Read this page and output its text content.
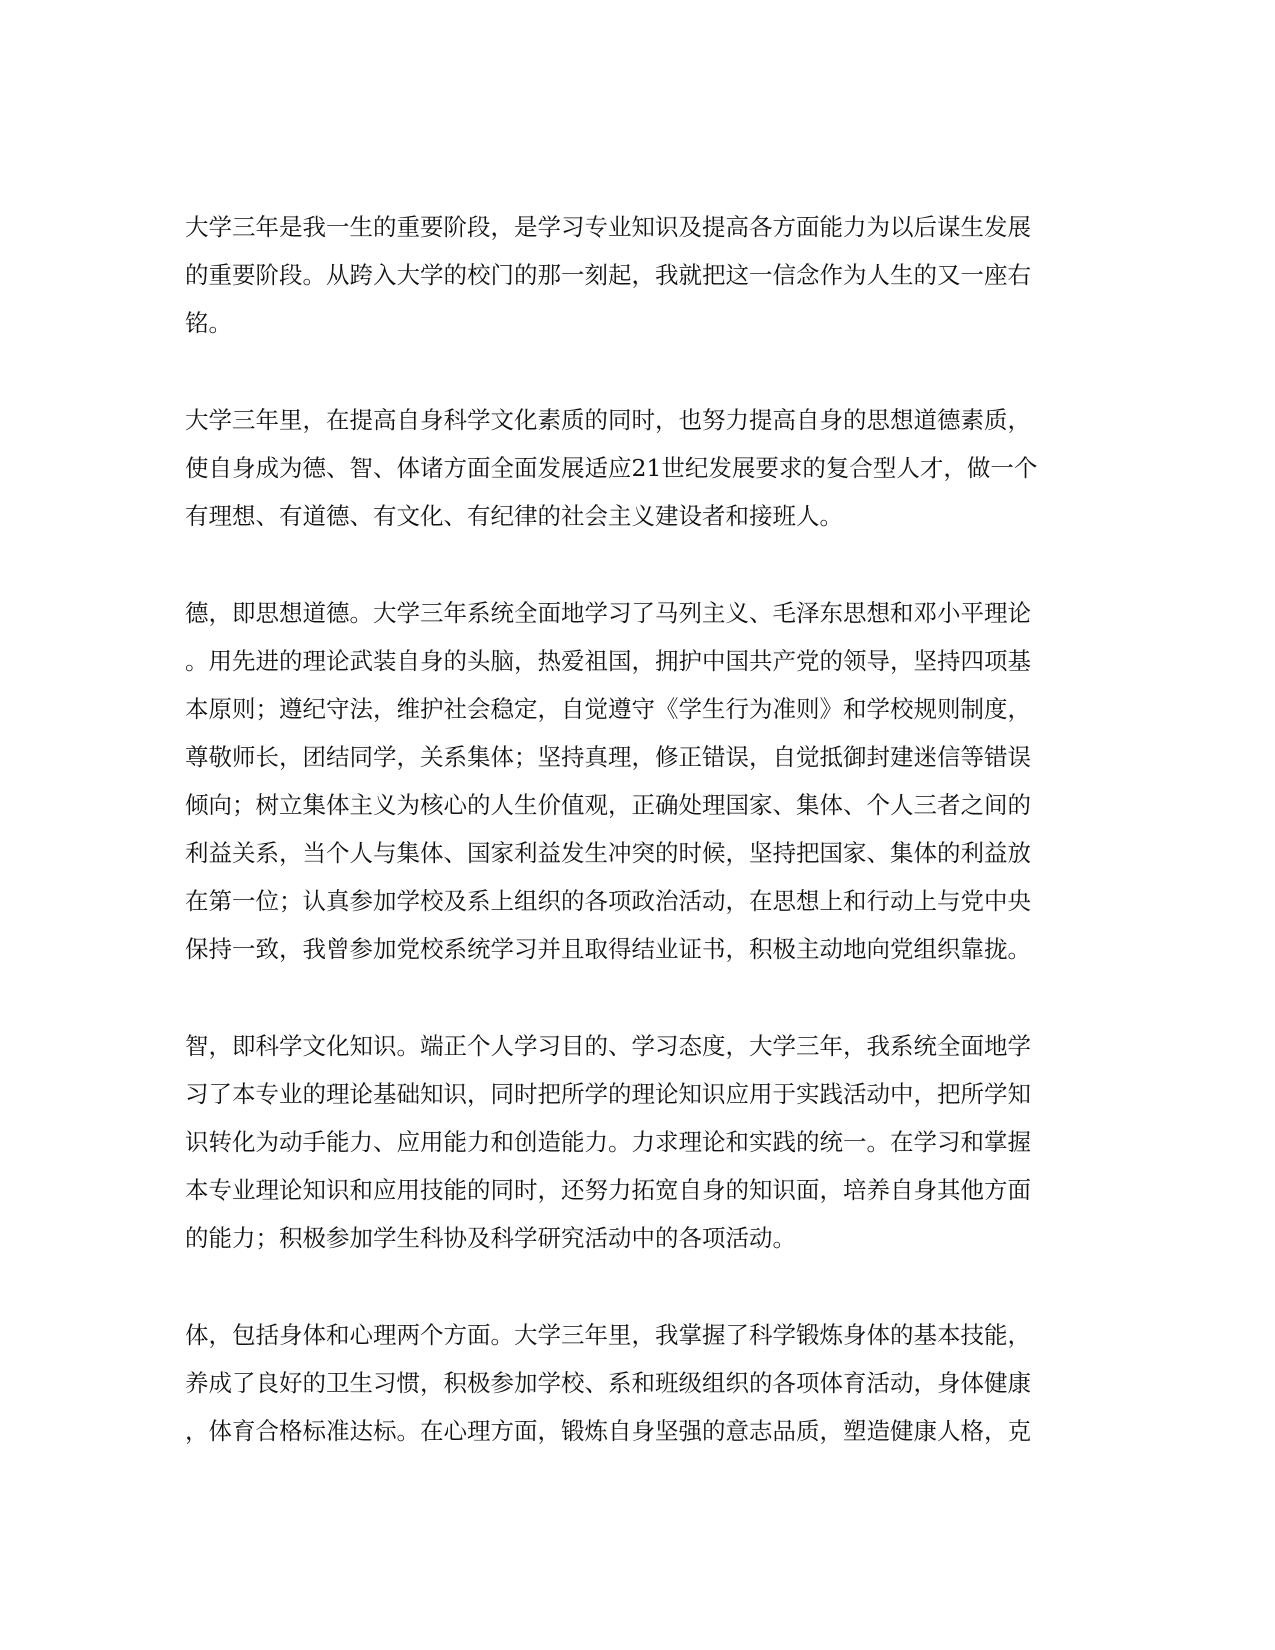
大学三年是我一生的重要阶段，是学习专业知识及提高各方面能力为以后谋生发展
的重要阶段。从跨入大学的校门的那一刻起，我就把这一信念作为人生的又一座右
铭。
大学三年里，在提高自身科学文化素质的同时，也努力提高自身的思想道德素质，
使自身成为德、智、体诸方面全面发展适应21世纪发展要求的复合型人才，做一个
有理想、有道德、有文化、有纪律的社会主义建设者和接班人。
德，即思想道德。大学三年系统全面地学习了马列主义、毛泽东思想和邓小平理论
。用先进的理论武装自身的头脑，热爱祖国，拥护中国共产党的领导，坚持四项基
本原则；遵纪守法，维护社会稳定，自觉遵守《学生行为准则》和学校规则制度，
尊敬师长，团结同学，关系集体；坚持真理，修正错误，自觉抵御封建迷信等错误
倾向；树立集体主义为核心的人生价值观，正确处理国家、集体、个人三者之间的
利益关系，当个人与集体、国家利益发生冲突的时候，坚持把国家、集体的利益放
在第一位；认真参加学校及系上组织的各项政治活动，在思想上和行动上与党中央
保持一致，我曾参加党校系统学习并且取得结业证书，积极主动地向党组织靠拢。
智，即科学文化知识。端正个人学习目的、学习态度，大学三年，我系统全面地学
习了本专业的理论基础知识，同时把所学的理论知识应用于实践活动中，把所学知
识转化为动手能力、应用能力和创造能力。力求理论和实践的统一。在学习和掌握
本专业理论知识和应用技能的同时，还努力拓宽自身的知识面，培养自身其他方面
的能力；积极参加学生科协及科学研究活动中的各项活动。
体，包括身体和心理两个方面。大学三年里，我掌握了科学锻炼身体的基本技能，
养成了良好的卫生习惯，积极参加学校、系和班级组织的各项体育活动，身体健康
，体育合格标准达标。在心理方面，锻炼自身坚强的意志品质，塑造健康人格，克
